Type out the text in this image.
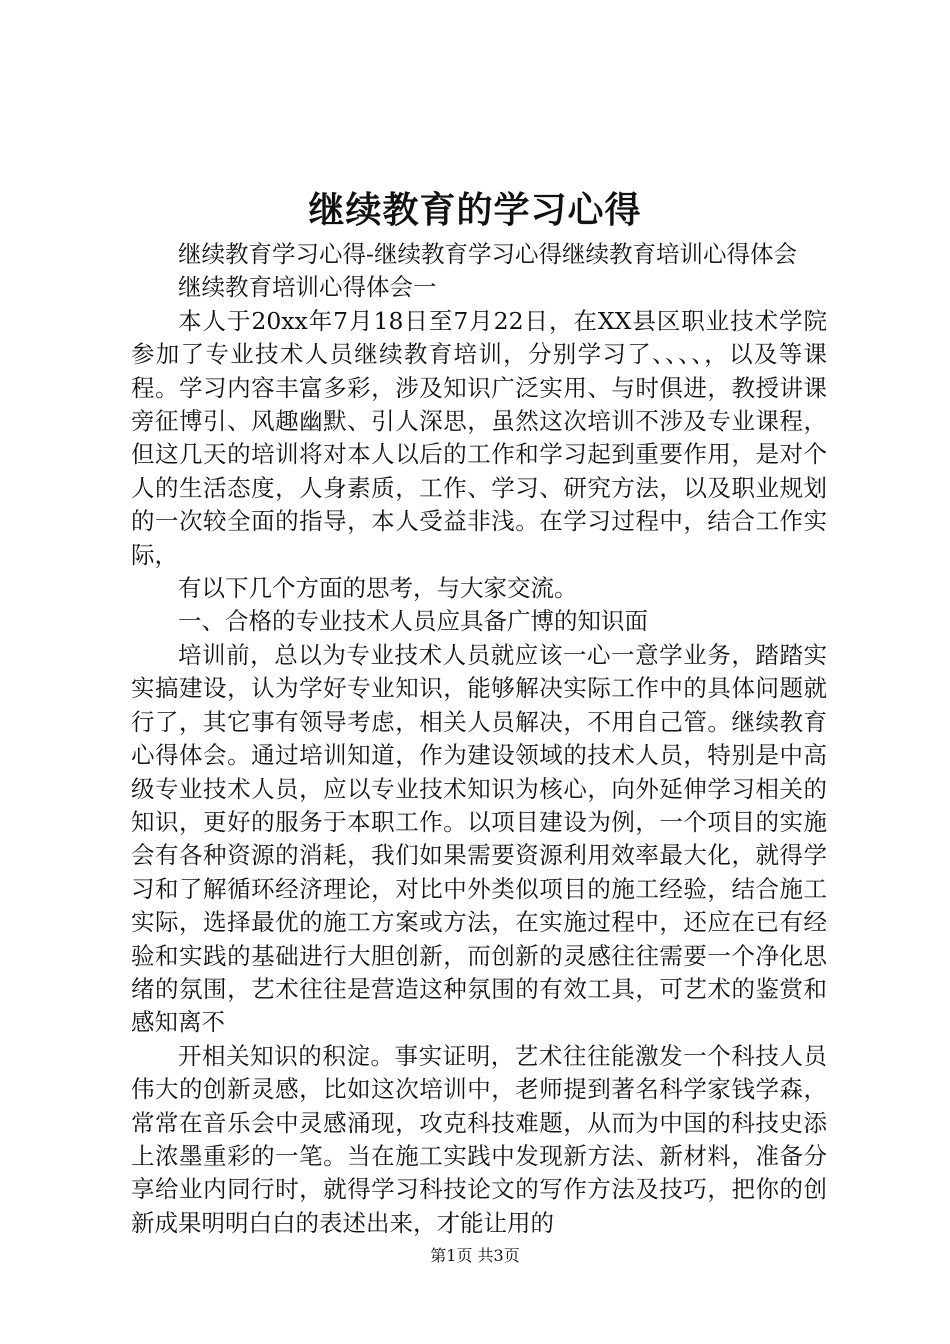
继续教育的学习心得

继续教育学习心得-继续教育学习心得继续教育培训心得体会

继续教育培训心得体会一

本人于20xx年7月18日至7月22日，在XX县区职业技术学院参加了专业技术人员继续教育培训，分别学习了、、、、，以及等课程。学习内容丰富多彩，涉及知识广泛实用、与时俱进，教授讲课旁征博引、风趣幽默、引人深思，虽然这次培训不涉及专业课程，但这几天的培训将对本人以后的工作和学习起到重要作用，是对个人的生活态度，人身素质，工作、学习、研究方法，以及职业规划的一次较全面的指导，本人受益非浅。在学习过程中，结合工作实际，

有以下几个方面的思考，与大家交流。

一、合格的专业技术人员应具备广博的知识面

培训前，总以为专业技术人员就应该一心一意学业务，踏踏实实搞建设，认为学好专业知识，能够解决实际工作中的具体问题就行了，其它事有领导考虑，相关人员解决，不用自己管。继续教育心得体会。通过培训知道，作为建设领域的技术人员，特别是中高级专业技术人员，应以专业技术知识为核心，向外延伸学习相关的知识，更好的服务于本职工作。以项目建设为例，一个项目的实施会有各种资源的消耗，我们如果需要资源利用效率最大化，就得学习和了解循环经济理论，对比中外类似项目的施工经验，结合施工实际，选择最优的施工方案或方法，在实施过程中，还应在已有经验和实践的基础进行大胆创新，而创新的灵感往往需要一个净化思绪的氛围，艺术往往是营造这种氛围的有效工具，可艺术的鉴赏和感知离不

开相关知识的积淀。事实证明，艺术往往能激发一个科技人员伟大的创新灵感，比如这次培训中，老师提到著名科学家钱学森，常常在音乐会中灵感涌现，攻克科技难题，从而为中国的科技史添上浓墨重彩的一笔。当在施工实践中发现新方法、新材料，准备分享给业内同行时，就得学习科技论文的写作方法及技巧，把你的创新成果明明白白的表述出来，才能让用的

第1页 共3页
